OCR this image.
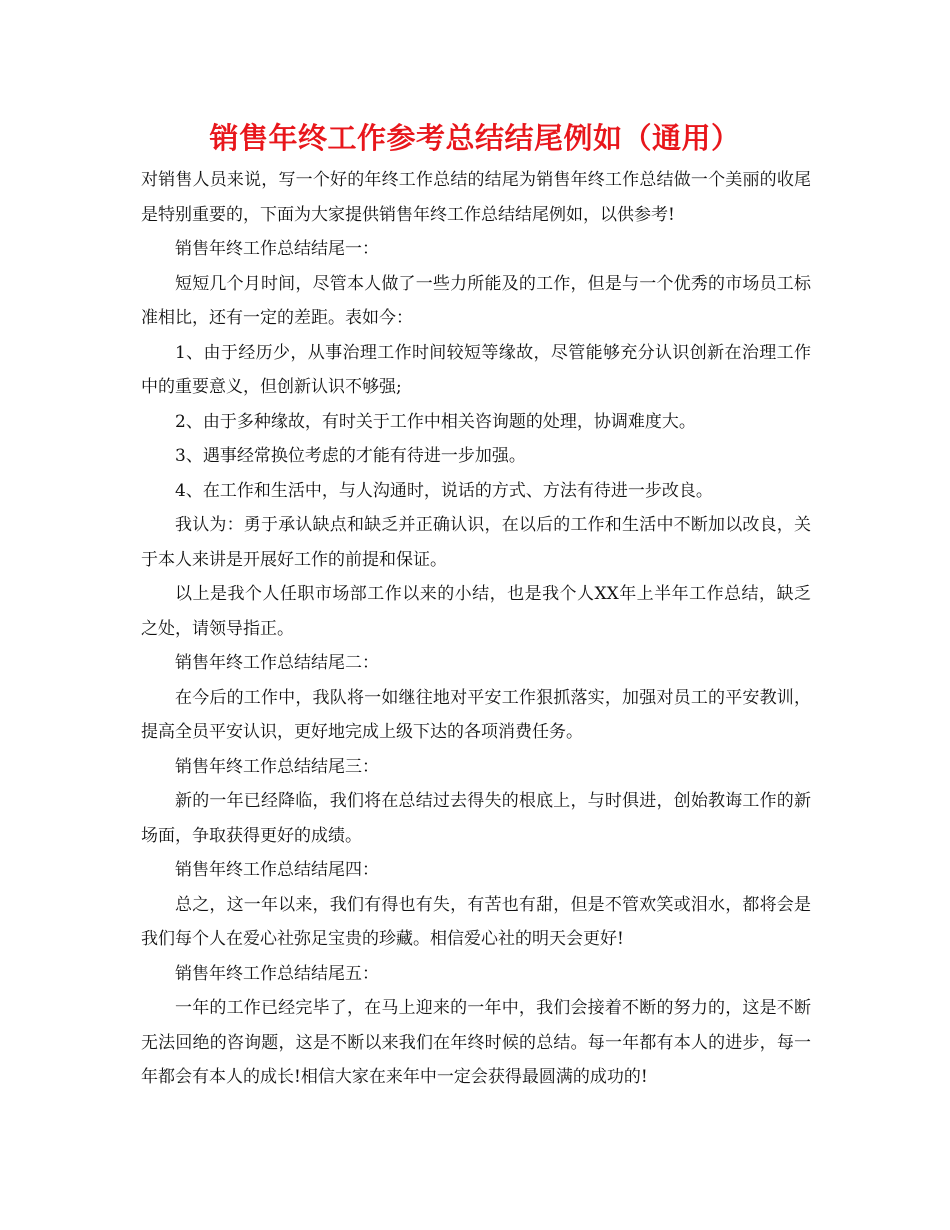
销售年终工作参考总结结尾例如（通用）

对销售人员来说，写一个好的年终工作总结的结尾为销售年终工作总结做一个美丽的收尾是特别重要的，下面为大家提供销售年终工作总结结尾例如，以供参考!

销售年终工作总结结尾一：

短短几个月时间，尽管本人做了一些力所能及的工作，但是与一个优秀的市场员工标准相比，还有一定的差距。表如今：

1、由于经历少，从事治理工作时间较短等缘故，尽管能够充分认识创新在治理工作中的重要意义，但创新认识不够强;

2、由于多种缘故，有时关于工作中相关咨询题的处理，协调难度大。

3、遇事经常换位考虑的才能有待进一步加强。

4、在工作和生活中，与人沟通时，说话的方式、方法有待进一步改良。

我认为：勇于承认缺点和缺乏并正确认识，在以后的工作和生活中不断加以改良，关于本人来讲是开展好工作的前提和保证。

以上是我个人任职市场部工作以来的小结，也是我个人XX年上半年工作总结，缺乏之处，请领导指正。

销售年终工作总结结尾二：

在今后的工作中，我队将一如继往地对平安工作狠抓落实，加强对员工的平安教训，提高全员平安认识，更好地完成上级下达的各项消费任务。

销售年终工作总结结尾三：

新的一年已经降临，我们将在总结过去得失的根底上，与时俱进，创始教诲工作的新场面，争取获得更好的成绩。

销售年终工作总结结尾四：

总之，这一年以来，我们有得也有失，有苦也有甜，但是不管欢笑或泪水，都将会是我们每个人在爱心社弥足宝贵的珍藏。相信爱心社的明天会更好!

销售年终工作总结结尾五：

一年的工作已经完毕了，在马上迎来的一年中，我们会接着不断的努力的，这是不断无法回绝的咨询题，这是不断以来我们在年终时候的总结。每一年都有本人的进步，每一年都会有本人的成长!相信大家在来年中一定会获得最圆满的成功的!
